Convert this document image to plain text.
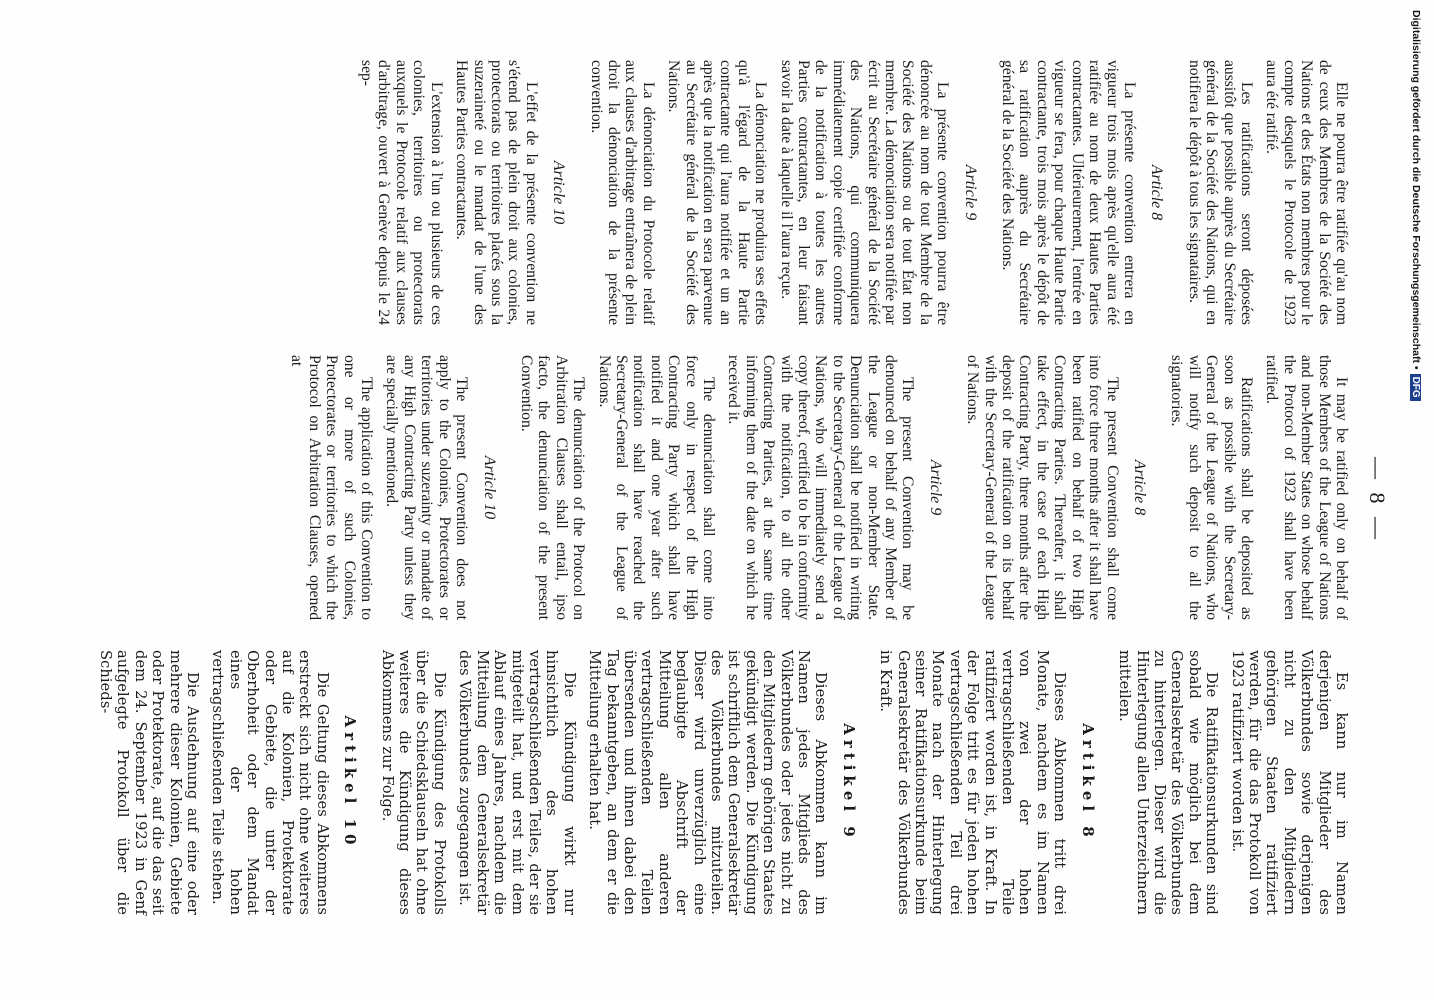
— 8 —

Elle ne pourra être ratifiée qu'au nom de ceux des Membres de la Société des Nations et des États non membres pour le compte desquels le Protocole de 1923 aura été ratifié.

Les ratifications seront déposées aussitôt que possible auprès du Secrétaire général de la Société des Nations, qui en notifiera le dépôt à tous les signataires.

Article 8

La présente convention entrera en vigueur trois mois après qu'elle aura été ratifiée au nom de deux Hautes Parties contractantes. Ultérieurement, l'entrée en vigueur se fera, pour chaque Haute Partie contractante, trois mois après le dépôt de sa ratification auprès du Secrétaire général de la Société des Nations.

Article 9

La présente convention pourra être dénoncée au nom de tout Membre de la Société des Nations ou de tout État non membre. La dénonciation sera notifiée par écrit au Secrétaire général de la Société des Nations, qui communiquera immédiatement copie certifiée conforme de la notification à toutes les autres Parties contractantes, en leur faisant savoir la date à laquelle il l'aura reçue.

La dénonciation ne produira ses effets qu'à l'égard de la Haute Partie contractante qui l'aura notifiée et un an après que la notification en sera parvenue au Secrétaire général de la Société des Nations.

La dénonciation du Protocole relatif aux clauses d'arbitrage entraînera de plein droit la dénonciation de la présente convention.

Article 10

L'effet de la présente convention ne s'étend pas de plein droit aux colonies, protectorats ou territoires placés sous la suzeraineté ou le mandat de l'une des Hautes Parties contractantes.

L'extension à l'un ou plusieurs de ces colonies, territoires ou protectorats auxquels le Protocole relatif aux clauses d'arbitrage, ouvert à Genève depuis le 24 sep-

It may be ratified only on behalf of those Members of the League of Nations and non-Member States on whose behalf the Protocol of 1923 shall have been ratified.

Ratifications shall be deposited as soon as possible with the Secretary-General of the League of Nations, who will notify such deposit to all the signatories.

Article 8

The present Convention shall come into force three months after it shall have been ratified on behalf of two High Contracting Parties. Thereafter, it shall take effect, in the case of each High Contracting Party, three months after the deposit of the ratification on its behalf with the Secretary-General of the League of Nations.

Article 9

The present Convention may be denounced on behalf of any Member of the League or non-Member State. Denunciation shall be notified in writing to the Secretary-General of the League of Nations, who will immediately send a copy thereof, certified to be in conformity with the notification, to all the other Contracting Parties, at the same time informing them of the date on which he received it.

The denunciation shall come into force only in respect of the High Contracting Party which shall have notified it and one year after such notification shall have reached the Secretary-General of the League of Nations.

The denunciation of the Protocol on Arbitration Clauses shall entail, ipso facto, the denunciation of the present Convention.

Article 10

The present Convention does not apply to the Colonies, Protectorates or territories under suzerainty or mandate of any High Contracting Party unless they are specially mentioned.

The application of this Convention to one or more of such Colonies, Protectorates or territories to which the Protocol on Arbitration Clauses, opened at

Es kann nur im Namen derjenigen Mitglieder des Völkerbundes sowie derjenigen nicht zu den Mitgliedern gehörigen Staaten ratifiziert werden, für die das Protokoll von 1923 ratifiziert worden ist.

Die Ratifikationsurkunden sind sobald wie möglich bei dem Generalsekretär des Völkerbundes zu hinterlegen. Dieser wird die Hinterlegung allen Unterzeichnern mitteilen.

Artikel 8

Dieses Abkommen tritt drei Monate, nachdem es im Namen von zwei der hohen vertragschließenden Teile ratifiziert worden ist, in Kraft. In der Folge tritt es für jeden hohen vertragschließenden Teil drei Monate nach der Hinterlegung seiner Ratifikationsurkunde beim Generalsekretär des Völkerbundes in Kraft.

Artikel 9

Dieses Abkommen kann im Namen jedes Mitglieds des Völkerbundes oder jedes nicht zu den Mitgliedern gehörigen Staates gekündigt werden. Die Kündigung ist schriftlich dem Generalsekretär des Völkerbundes mitzuteilen. Dieser wird unverzüglich eine beglaubigte Abschrift der Mitteilung allen anderen vertragschließenden Teilen übersenden und ihnen dabei den Tag bekanntgeben, an dem er die Mitteilung erhalten hat.

Die Kündigung wirkt nur hinsichtlich des hohen vertragschließenden Teiles, der sie mitgeteilt hat, und erst mit dem Ablauf eines Jahres, nachdem die Mitteilung dem Generalsekretär des Völkerbundes zugegangen ist.

Die Kündigung des Protokolls über die Schiedsklauseln hat ohne weiteres die Kündigung dieses Abkommens zur Folge.

Artikel 10

Die Geltung dieses Abkommens erstreckt sich nicht ohne weiteres auf die Kolonien, Protektorate oder Gebiete, die unter der Oberhoheit oder dem Mandat eines der hohen vertragschließenden Teile stehen.

Die Ausdehnung auf eine oder mehrere dieser Kolonien, Gebiete oder Protektorate, auf die das seit dem 24. September 1923 in Genf aufgelegte Protokoll über die Schieds-

Digitalisierung gefördert durch die Deutsche Forschungsgemeinschaft •DFG
